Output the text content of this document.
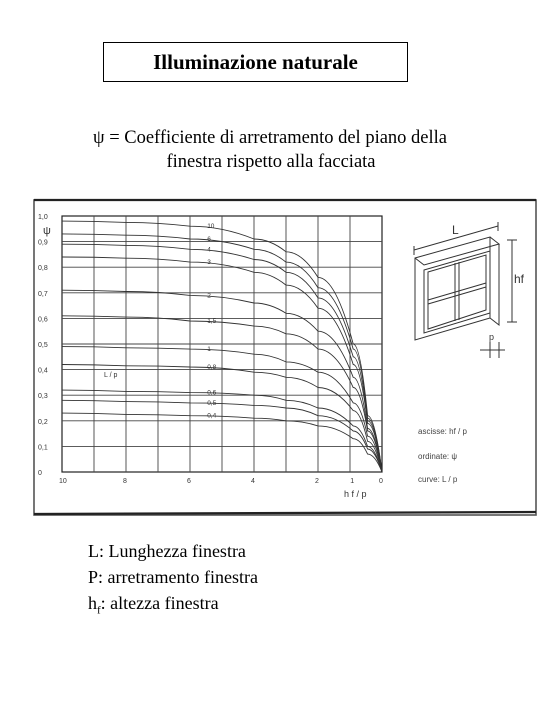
Illuminazione naturale
ψ = Coefficiente di arretramento del piano della
finestra rispetto alla facciata
0
0,1
0,2
0,3
0,4
0,5
0,6
0,7
0,8
0,9
1,0
10	8	6	4	2	1	0
10
6
4
3
2
1,5
1
0,8
0,6
0,5
0,4
ψ
h f / p
L / p
L
hf
p
ascisse: hf / p
ordinate: ψ
curve: L / p
L: Lunghezza finestra
P: arretramento finestra
$h_f$: altezza finestra
